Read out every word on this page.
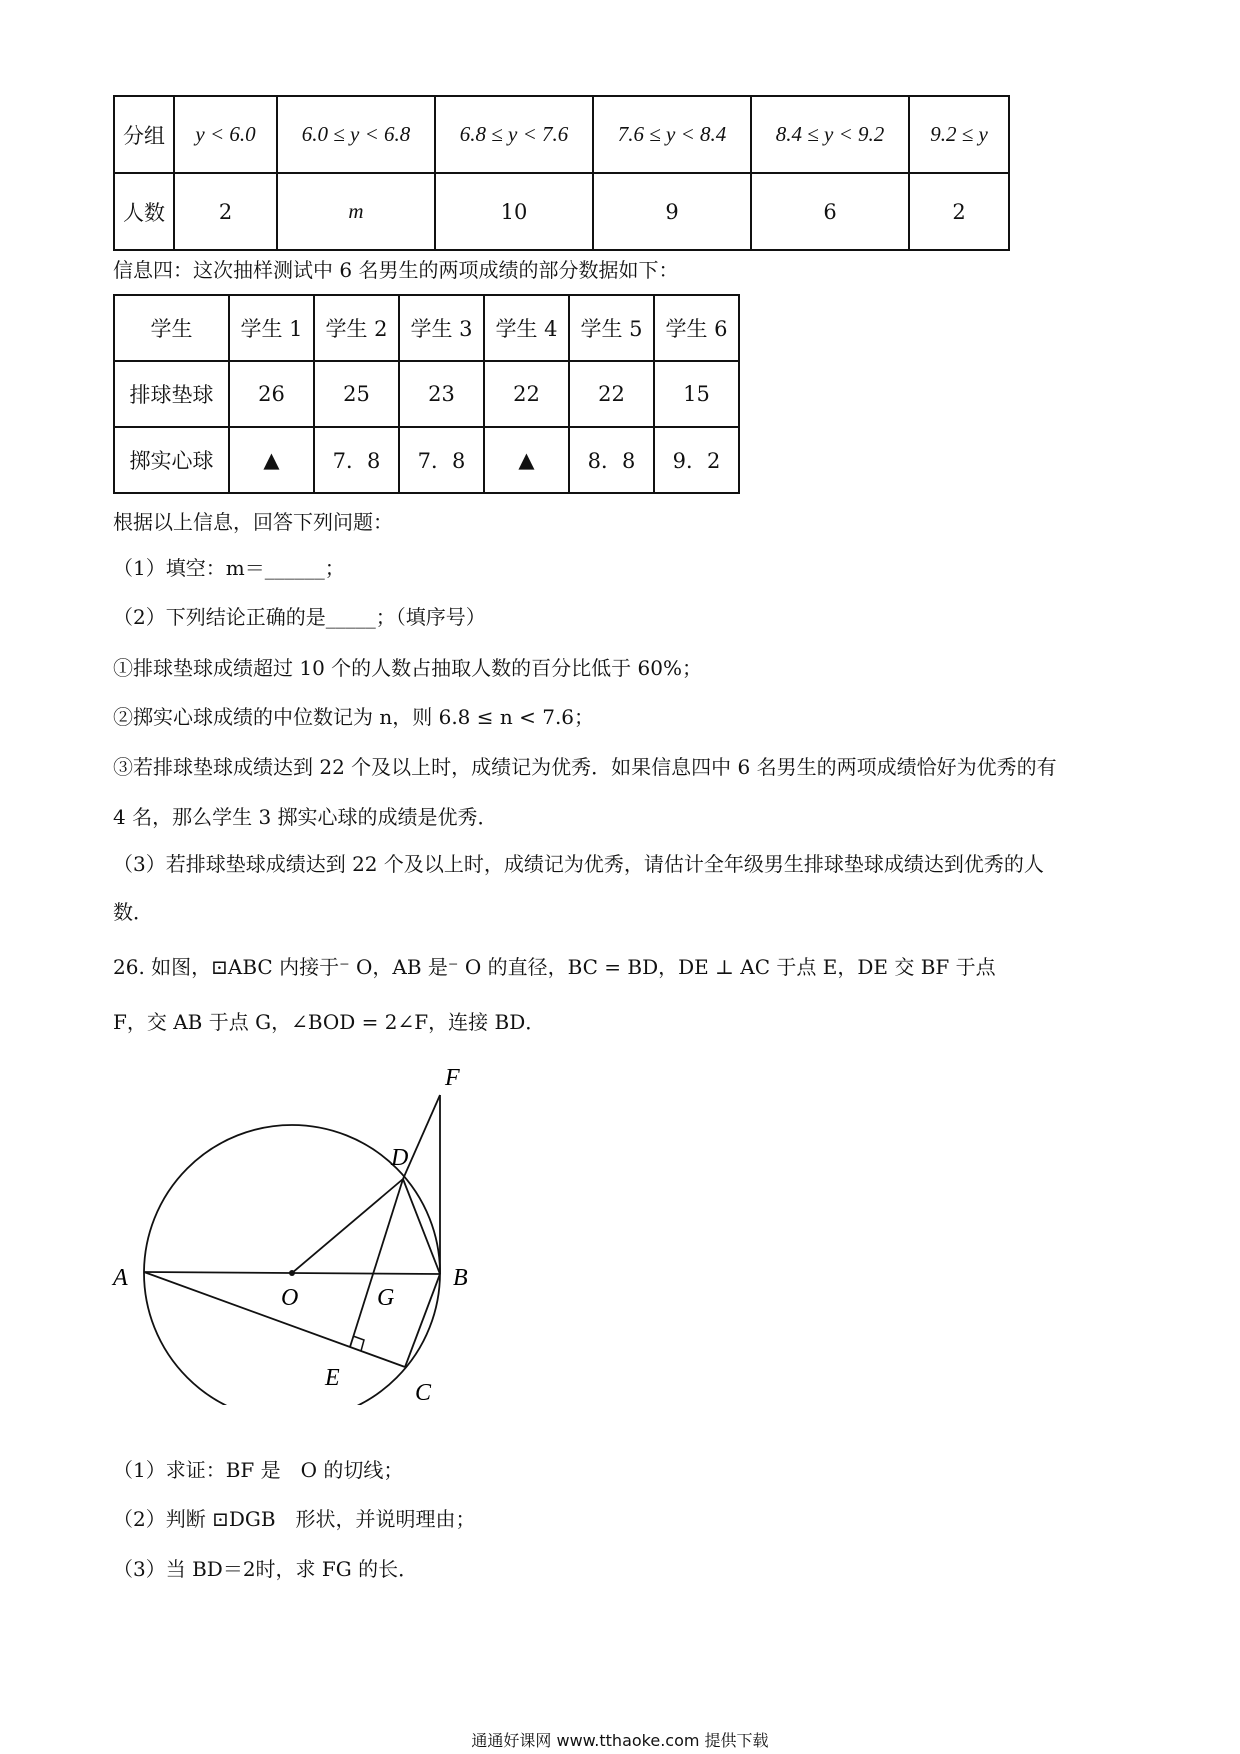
分组	y < 6.0	6.0 ≤ y < 6.8	6.8 ≤ y < 7.6	7.6 ≤ y < 8.4	8.4 ≤ y < 9.2	9.2 ≤ y
人数	2	m	10	9	6	2
信息四：这次抽样测试中 6 名男生的两项成绩的部分数据如下：
学生	学生 1	学生 2	学生 3	学生 4	学生 5	学生 6
排球垫球	26	25	23	22	22	15
掷实心球	▲	7．8	7．8	▲	8．8	9．2
根据以上信息，回答下列问题：
（1）填空：m＝______；
（2）下列结论正确的是_____；（填序号）
①排球垫球成绩超过 10 个的人数占抽取人数的百分比低于 60%；
②掷实心球成绩的中位数记为 n，则 6.8 ≤ n < 7.6；
③若排球垫球成绩达到 22 个及以上时，成绩记为优秀．如果信息四中 6 名男生的两项成绩恰好为优秀的有
4 名，那么学生 3 掷实心球的成绩是优秀．
（3）若排球垫球成绩达到 22 个及以上时，成绩记为优秀，请估计全年级男生排球垫球成绩达到优秀的人
数．
26. 如图，⊡ABC 内接于⁻ O，AB 是⁻ O 的直径，BC = BD，DE ⊥ AC 于点 E，DE 交 BF 于点
F，交 AB 于点 G，∠BOD = 2∠F，连接 BD．
A	B
C
D
E
F
G
O
（1）求证：BF 是　O 的切线；
（2）判断 ⊡DGB　形状，并说明理由；
（3）当 BD＝2时，求 FG 的长．
通通好课网 www.tthaoke.com 提供下载
